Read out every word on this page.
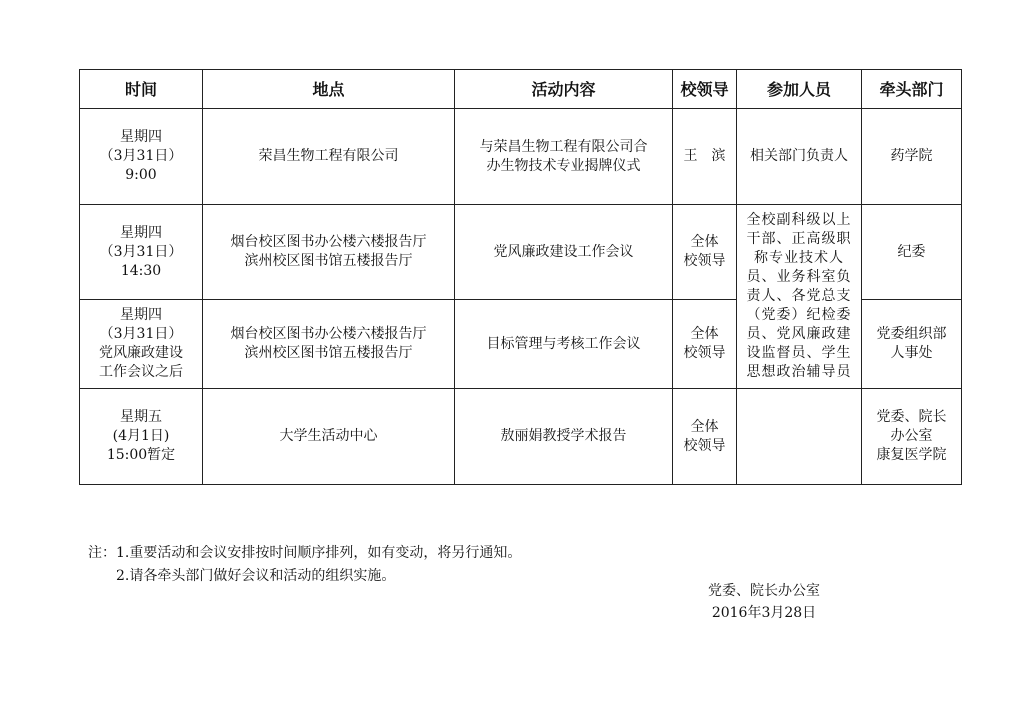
时间	地点	活动内容	校领导	参加人员	牵头部门
星期四
（3月31日）
9:00	荣昌生物工程有限公司	与荣昌生物工程有限公司合
办生物技术专业揭牌仪式	王　滨	相关部门负责人	药学院
星期四
（3月31日）
14:30	烟台校区图书办公楼六楼报告厅
滨州校区图书馆五楼报告厅	党风廉政建设工作会议	全体
校领导	全校副科级以上干部、正高级职称专业技术人员、业务科室负责人、各党总支（党委）纪检委员、党风廉政建设监督员、学生思想政治辅导员	纪委
星期四
（3月31日）
党风廉政建设
工作会议之后	烟台校区图书办公楼六楼报告厅
滨州校区图书馆五楼报告厅	目标管理与考核工作会议	全体
校领导		党委组织部
人事处
星期五
(4月1日)
15:00暂定	大学生活动中心	敖丽娟教授学术报告	全体
校领导		党委、院长
办公室
康复医学院
注：1.重要活动和会议安排按时间顺序排列，如有变动，将另行通知。
2.请各牵头部门做好会议和活动的组织实施。
党委、院长办公室
2016年3月28日
